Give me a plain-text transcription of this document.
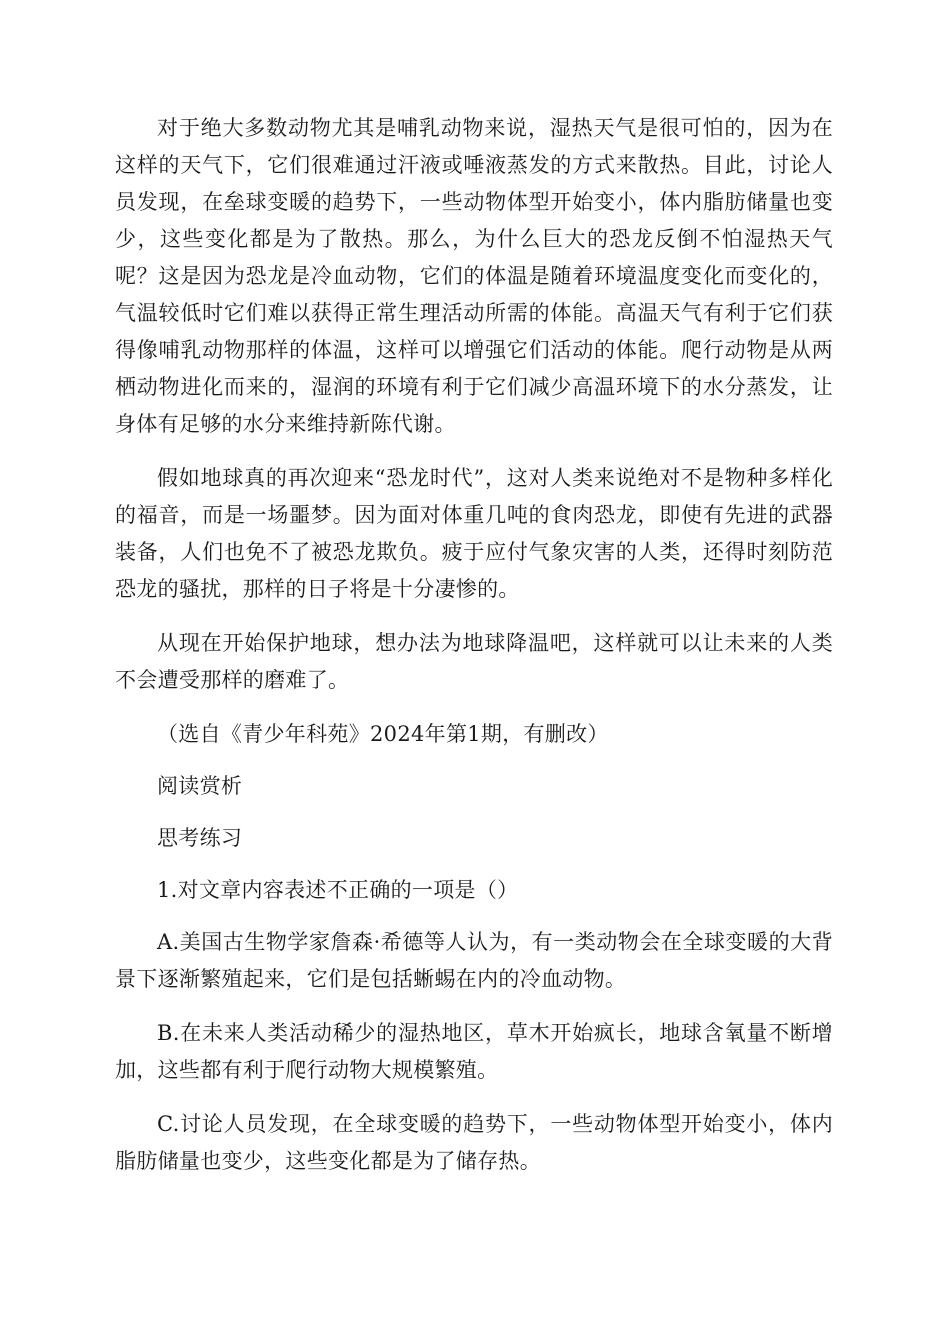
对于绝大多数动物尤其是哺乳动物来说，湿热天气是很可怕的，因为在这样的天气下，它们很难通过汗液或唾液蒸发的方式来散热。目此，讨论人员发现，在垒球变暖的趋势下，一些动物体型开始变小，体内脂肪储量也变少，这些变化都是为了散热。那么，为什么巨大的恐龙反倒不怕湿热天气呢？这是因为恐龙是冷血动物，它们的体温是随着环境温度变化而变化的，气温较低时它们难以获得正常生理活动所需的体能。高温天气有利于它们获得像哺乳动物那样的体温，这样可以增强它们活动的体能。爬行动物是从两栖动物进化而来的，湿润的环境有利于它们减少高温环境下的水分蒸发，让身体有足够的水分来维持新陈代谢。

假如地球真的再次迎来“恐龙时代”，这对人类来说绝对不是物种多样化的福音，而是一场噩梦。因为面对体重几吨的食肉恐龙，即使有先进的武器装备，人们也免不了被恐龙欺负。疲于应付气象灾害的人类，还得时刻防范恐龙的骚扰，那样的日子将是十分凄惨的。

从现在开始保护地球，想办法为地球降温吧，这样就可以让未来的人类不会遭受那样的磨难了。

（选自《青少年科苑》2024年第1期，有删改）

阅读赏析

思考练习

1.对文章内容表述不正确的一项是（）

A.美国古生物学家詹森·希德等人认为，有一类动物会在全球变暖的大背景下逐渐繁殖起来，它们是包括蜥蜴在内的冷血动物。

B.在未来人类活动稀少的湿热地区，草木开始疯长，地球含氧量不断增加，这些都有利于爬行动物大规模繁殖。

C.讨论人员发现，在全球变暖的趋势下，一些动物体型开始变小，体内脂肪储量也变少，这些变化都是为了储存热。
